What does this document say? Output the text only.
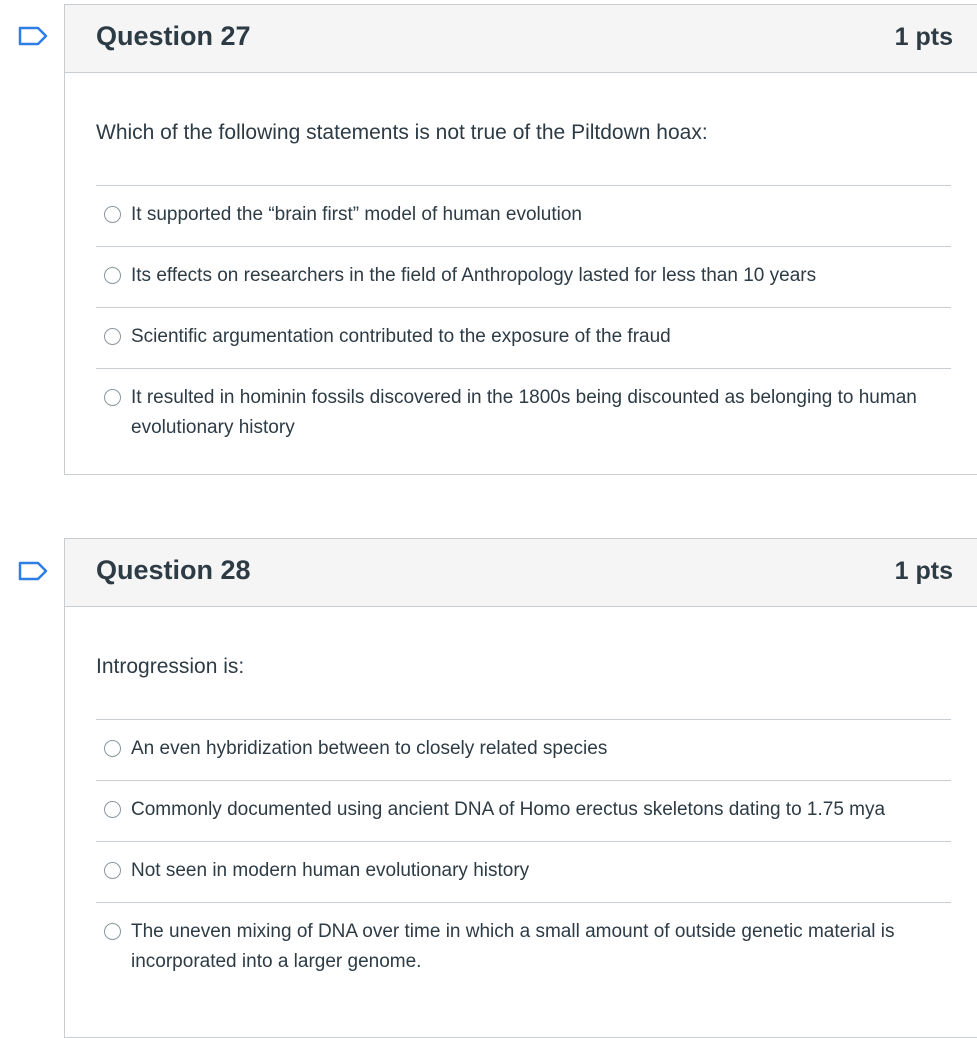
Question 27	1 pts

Which of the following statements is not true of the Piltdown hoax:

It supported the “brain first” model of human evolution
Its effects on researchers in the field of Anthropology lasted for less than 10 years
Scientific argumentation contributed to the exposure of the fraud
It resulted in hominin fossils discovered in the 1800s being discounted as belonging to human evolutionary history
Question 28	1 pts

Introgression is:

An even hybridization between to closely related species
Commonly documented using ancient DNA of Homo erectus skeletons dating to 1.75 mya
Not seen in modern human evolutionary history
The uneven mixing of DNA over time in which a small amount of outside genetic material is incorporated into a larger genome.
